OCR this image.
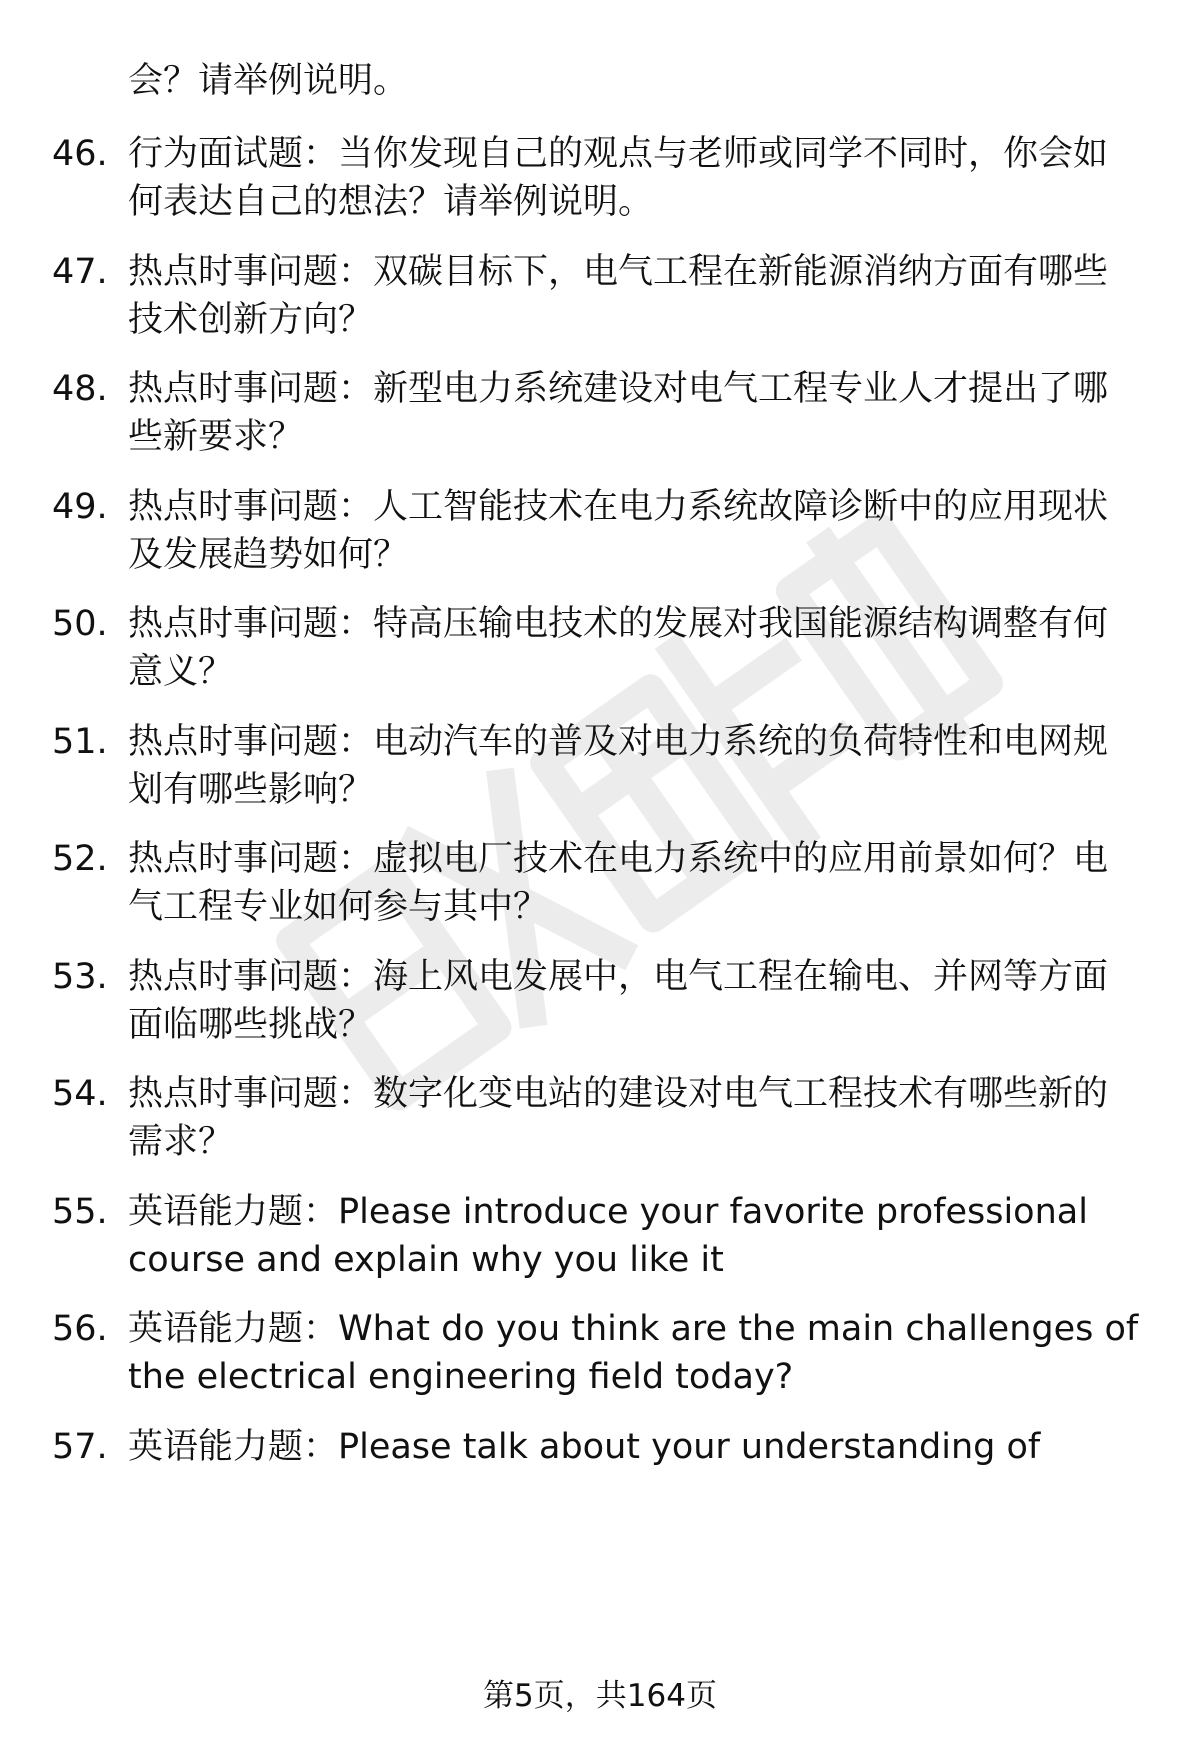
会？请举例说明。
46. 行为面试题：当你发现自己的观点与老师或同学不同时，你会如
何表达自己的想法？请举例说明。
47. 热点时事问题：双碳目标下，电气工程在新能源消纳方面有哪些
技术创新方向？
48. 热点时事问题：新型电力系统建设对电气工程专业人才提出了哪
些新要求？
49. 热点时事问题：人工智能技术在电力系统故障诊断中的应用现状
及发展趋势如何？
50. 热点时事问题：特高压输电技术的发展对我国能源结构调整有何
意义？
51. 热点时事问题：电动汽车的普及对电力系统的负荷特性和电网规
划有哪些影响？
52. 热点时事问题：虚拟电厂技术在电力系统中的应用前景如何？电
气工程专业如何参与其中？
53. 热点时事问题：海上风电发展中，电气工程在输电、并网等方面
面临哪些挑战？
54. 热点时事问题：数字化变电站的建设对电气工程技术有哪些新的
需求？
55. 英语能力题：Please introduce your favorite professional
course and explain why you like it
56. 英语能力题：What do you think are the main challenges of
the electrical engineering field today?
57. 英语能力题：Please talk about your understanding of
第5页，共164页
